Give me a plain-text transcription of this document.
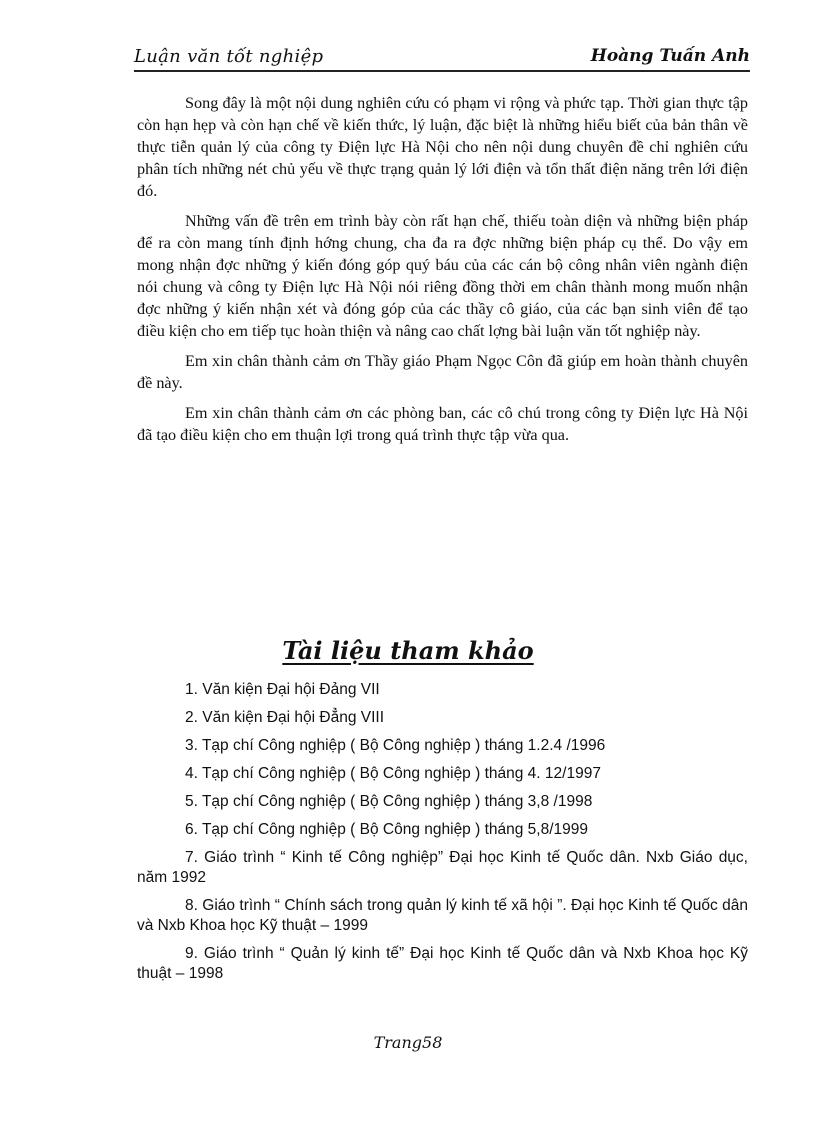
Luận văn tốt nghiệp	Hoàng Tuấn Anh

Song đây là một nội dung nghiên cứu có phạm vi rộng và phức tạp. Thời gian thực tập còn hạn hẹp và còn hạn chế về kiến thức, lý luận, đặc biệt là những hiểu biết của bản thân về thực tiễn quản lý của công ty Điện lực Hà Nội cho nên nội dung chuyên đề chỉ nghiên cứu phân tích những nét chủ yếu về thực trạng quản lý lới điện và tổn thất điện năng trên lới điện đó.

Những vấn đề trên em trình bày còn rất hạn chế, thiếu toàn diện và những biện pháp để ra còn mang tính định hớng chung, cha đa ra đợc những biện pháp cụ thể. Do vậy em mong nhận đợc những ý kiến đóng góp quý báu của các cán bộ công nhân viên ngành điện nói chung và công ty Điện lực Hà Nội nói riêng đồng thời em chân thành mong muốn nhận đợc những ý kiến nhận xét và đóng góp của các thầy cô giáo, của các bạn sinh viên để tạo điều kiện cho em tiếp tục hoàn thiện và nâng cao chất lợng bài luận văn tốt nghiệp này.

Em xin chân thành cảm ơn Thầy giáo Phạm Ngọc Côn đã giúp em hoàn thành chuyên đề này.

Em xin chân thành cảm ơn các phòng ban, các cô chú trong công ty Điện lực Hà Nội đã tạo điều kiện cho em thuận lợi trong quá trình thực tập vừa qua.

Tài liệu tham khảo
1. Văn kiện Đại hội Đảng VII
2. Văn kiện Đại hội Đẳng VIII
3. Tạp chí Công nghiệp ( Bộ Công nghiệp ) tháng 1.2.4 /1996
4. Tạp chí Công nghiệp ( Bộ Công nghiệp ) tháng 4. 12/1997
5. Tạp chí Công nghiệp ( Bộ Công nghiệp ) tháng 3,8 /1998
6. Tạp chí Công nghiệp ( Bộ Công nghiệp ) tháng 5,8/1999
7. Giáo trình “ Kinh tế Công nghiệp” Đại học Kinh tế Quốc dân. Nxb Giáo dục, năm 1992
8. Giáo trình “ Chính sách trong quản lý kinh tế xã hội ”. Đại học Kinh tế Quốc dân và Nxb Khoa học Kỹ thuật – 1999
9. Giáo trình “ Quản lý kinh tế” Đại học Kinh tế Quốc dân và Nxb Khoa học Kỹ thuật – 1998
Trang58
